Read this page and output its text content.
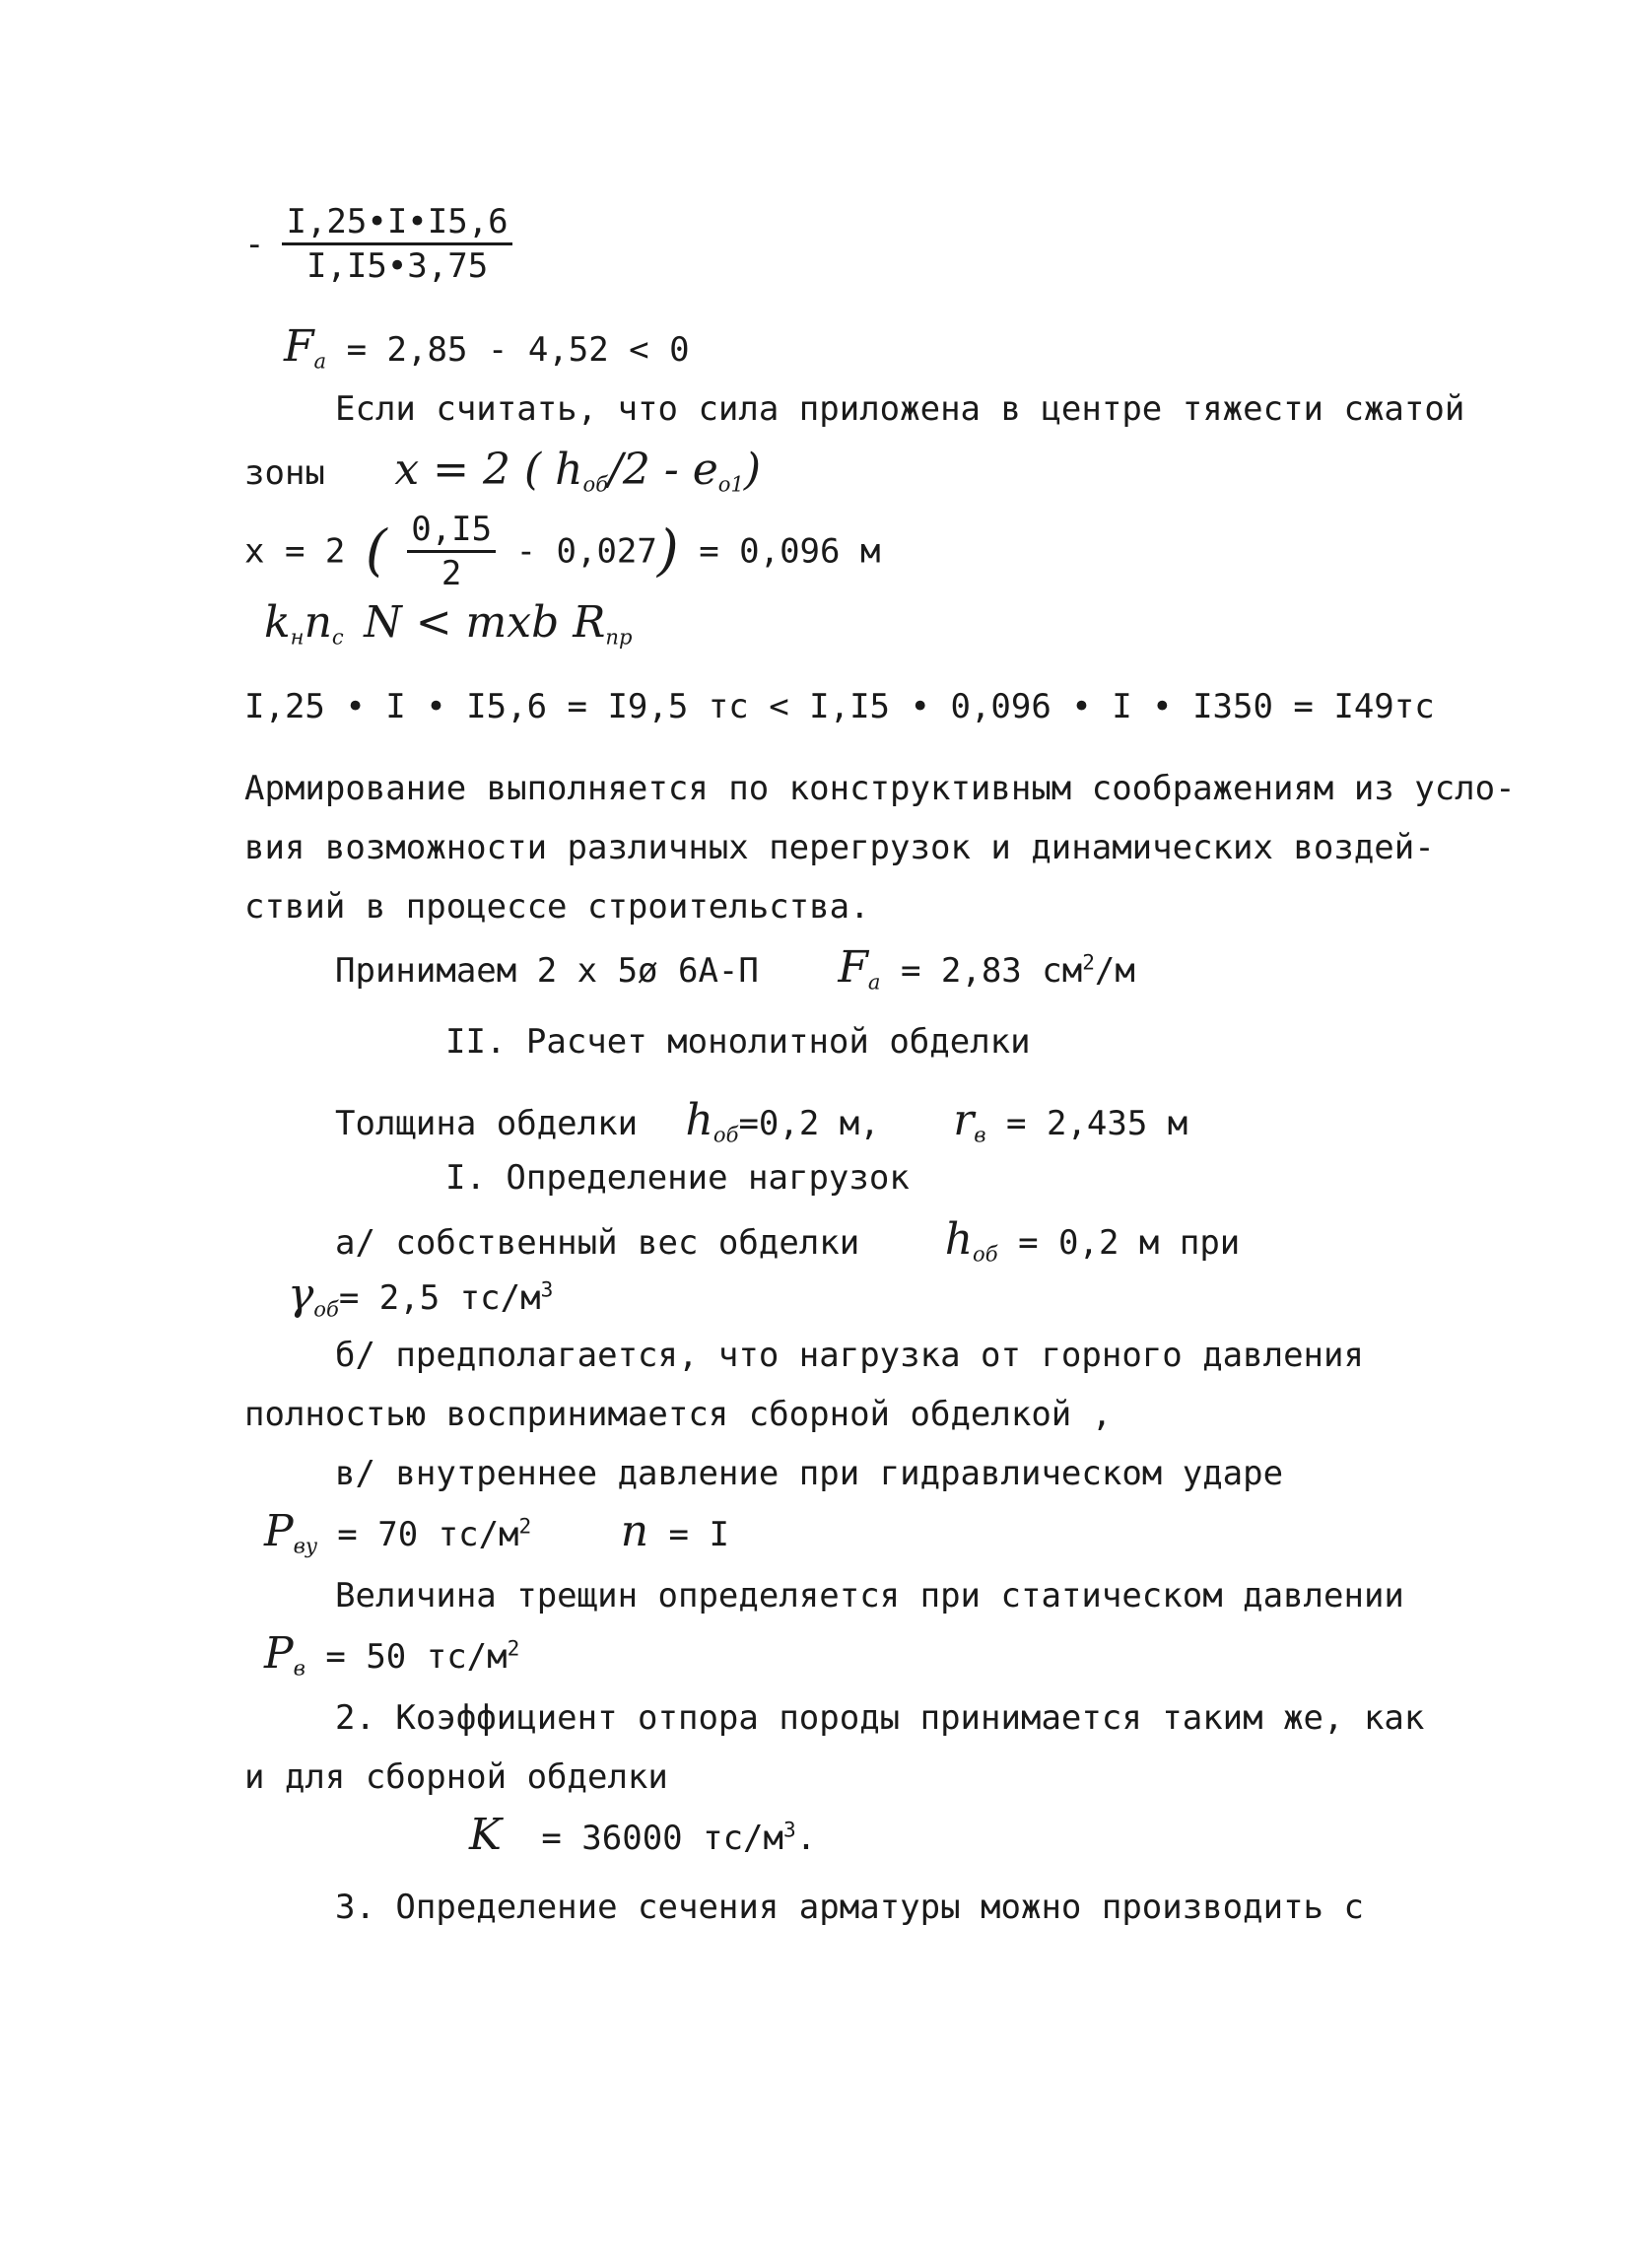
- $\frac{I,25•I•I5,6}{I,I5•3,75}$
$F_a = 2,85 - 4,52 < 0$
Если считать, что сила приложена в центре тяжести сжатой
зоны x = 2 ( $h_{oб}/2 - e_{o1}$)
x = 2 ( $\frac{0,I5}{2} - 0,027) = 0,096$ м
$k_нn_c$ N < mxb $R_{пр}$
I,25 • I • I5,6 = I9,5 тс < I,I5 • 0,096 • I • I350 = I49тс
Армирование выполняется по конструктивным соображениям из усло-
вия возможности различных перегрузок и динамических воздей-
ствий в процессе строительства.
Принимаем 2 x 5ø 6А-П $F_a = 2,83$ $см^2/м$
II. Расчет монолитной обделки
Толщина обделки $h_{oб}=0,2$ м, $r_в = 2,435$ м
I. Определение нагрузок
а/ собственный вес обделки $h_{oб} = 0,2$ м при
$\gamma_{oб}= 2,5$ $тс/м^3$
б/ предполагается, что нагрузка от горного давления
полностью воспринимается сборной обделкой ,
в/ внутреннее давление при гидравлическом ударе
$P_{вy} = 70$ $тс/м^2$ n = I
Величина трещин определяется при статическом давлении
$P_в = 50$ $тс/м^2$
2. Коэффициент отпора породы принимается таким же, как
и для сборной обделки
K = 36000 $тс/м^3$.
3. Определение сечения арматуры можно производить с
